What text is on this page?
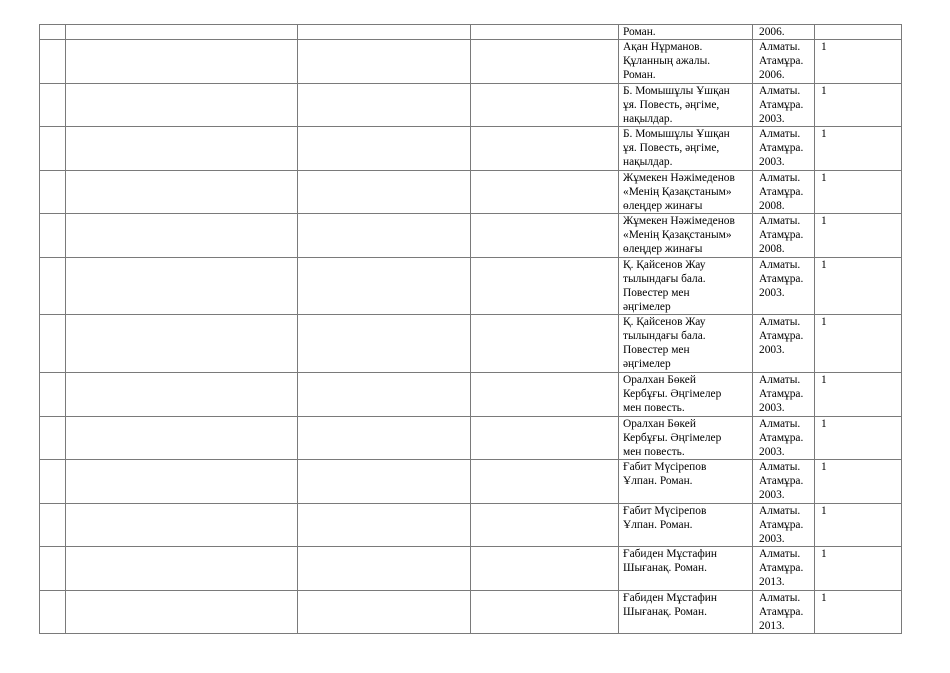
				Роман.	2006.	

				Ақан Нұрманов.
Құланның ажалы.
Роман.	Алматы.
Атамұра.
2006.	1

				Б. Момышұлы Ұшқан
ұя. Повесть, әңгіме,
нақылдар.	Алматы.
Атамұра.
2003.	1

				Б. Момышұлы Ұшқан
ұя. Повесть, әңгіме,
нақылдар.	Алматы.
Атамұра.
2003.	1

				Жұмекен Нәжімеденов
«Менің Қазақстаным»
өлеңдер жинағы	Алматы.
Атамұра.
2008.	1

				Жұмекен Нәжімеденов
«Менің Қазақстаным»
өлеңдер жинағы	Алматы.
Атамұра.
2008.	1

				Қ. Қайсенов Жау
тылындағы бала.
Повестер мен
әңгімелер	Алматы.
Атамұра.
2003.	1

				Қ. Қайсенов Жау
тылындағы бала.
Повестер мен
әңгімелер	Алматы.
Атамұра.
2003.	1

				Оралхан Бөкей
Кербұғы. Әңгімелер
мен повесть.	Алматы.
Атамұра.
2003.	1

				Оралхан Бөкей
Кербұғы. Әңгімелер
мен повесть.	Алматы.
Атамұра.
2003.	1

				Ғабит Мүсірепов
Ұлпан. Роман.	Алматы.
Атамұра.
2003.	1

				Ғабит Мүсірепов
Ұлпан. Роман.	Алматы.
Атамұра.
2003.	1

				Ғабиден Мұстафин
Шығанақ. Роман.	Алматы.
Атамұра.
2013.	1

				Ғабиден Мұстафин
Шығанақ. Роман.	Алматы.
Атамұра.
2013.	1
